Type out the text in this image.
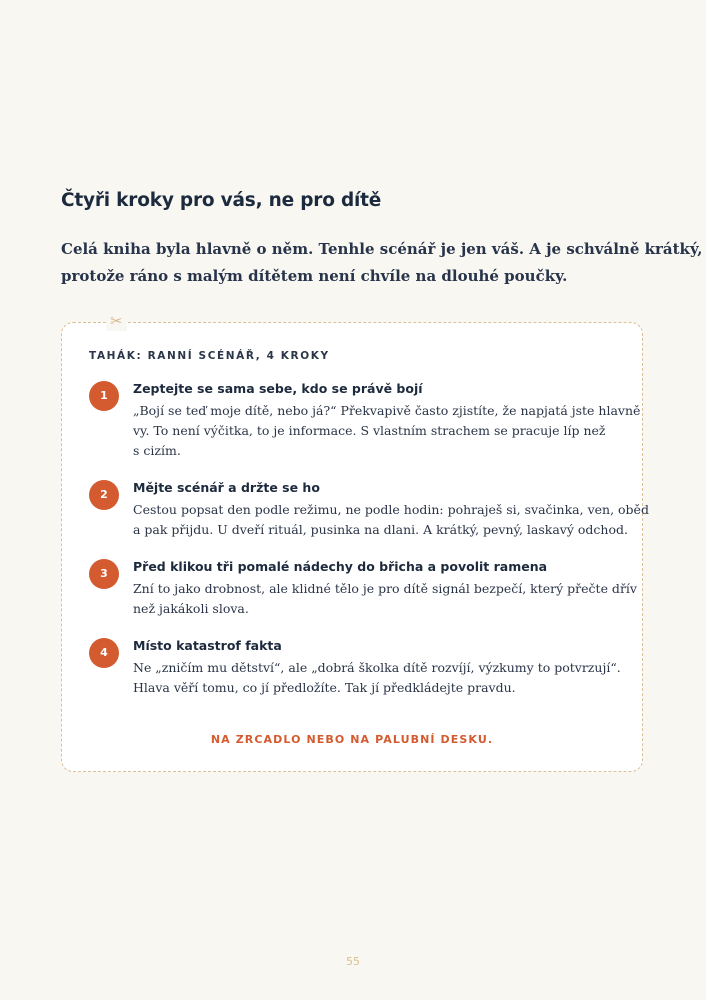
Čtyři kroky pro vás, ne pro dítě

Celá kniha byla hlavně o něm. Tenhle scénář je jen váš. A je schválně krátký,
protože ráno s malým dítětem není chvíle na dlouhé poučky.

✂

TAHÁK: RANNÍ SCÉNÁŘ, 4 KROKY

1	Zeptejte se sama sebe, kdo se právě bojí

„Bojí se teď moje dítě, nebo já?“ Překvapivě často zjistíte, že napjatá jste hlavně
vy. To není výčitka, to je informace. S vlastním strachem se pracuje líp než
s cizím.

2	Mějte scénář a držte se ho

Cestou popsat den podle režimu, ne podle hodin: pohraješ si, svačinka, ven, oběd
a pak přijdu. U dveří rituál, pusinka na dlani. A krátký, pevný, laskavý odchod.

3	Před klikou tři pomalé nádechy do břicha a povolit ramena

Zní to jako drobnost, ale klidné tělo je pro dítě signál bezpečí, který přečte dřív
než jakákoli slova.

4	Místo katastrof fakta

Ne „zničím mu dětství“, ale „dobrá školka dítě rozvíjí, výzkumy to potvrzují“.
Hlava věří tomu, co jí předložíte. Tak jí předkládejte pravdu.

NA ZRCADLO NEBO NA PALUBNÍ DESKU.

55
